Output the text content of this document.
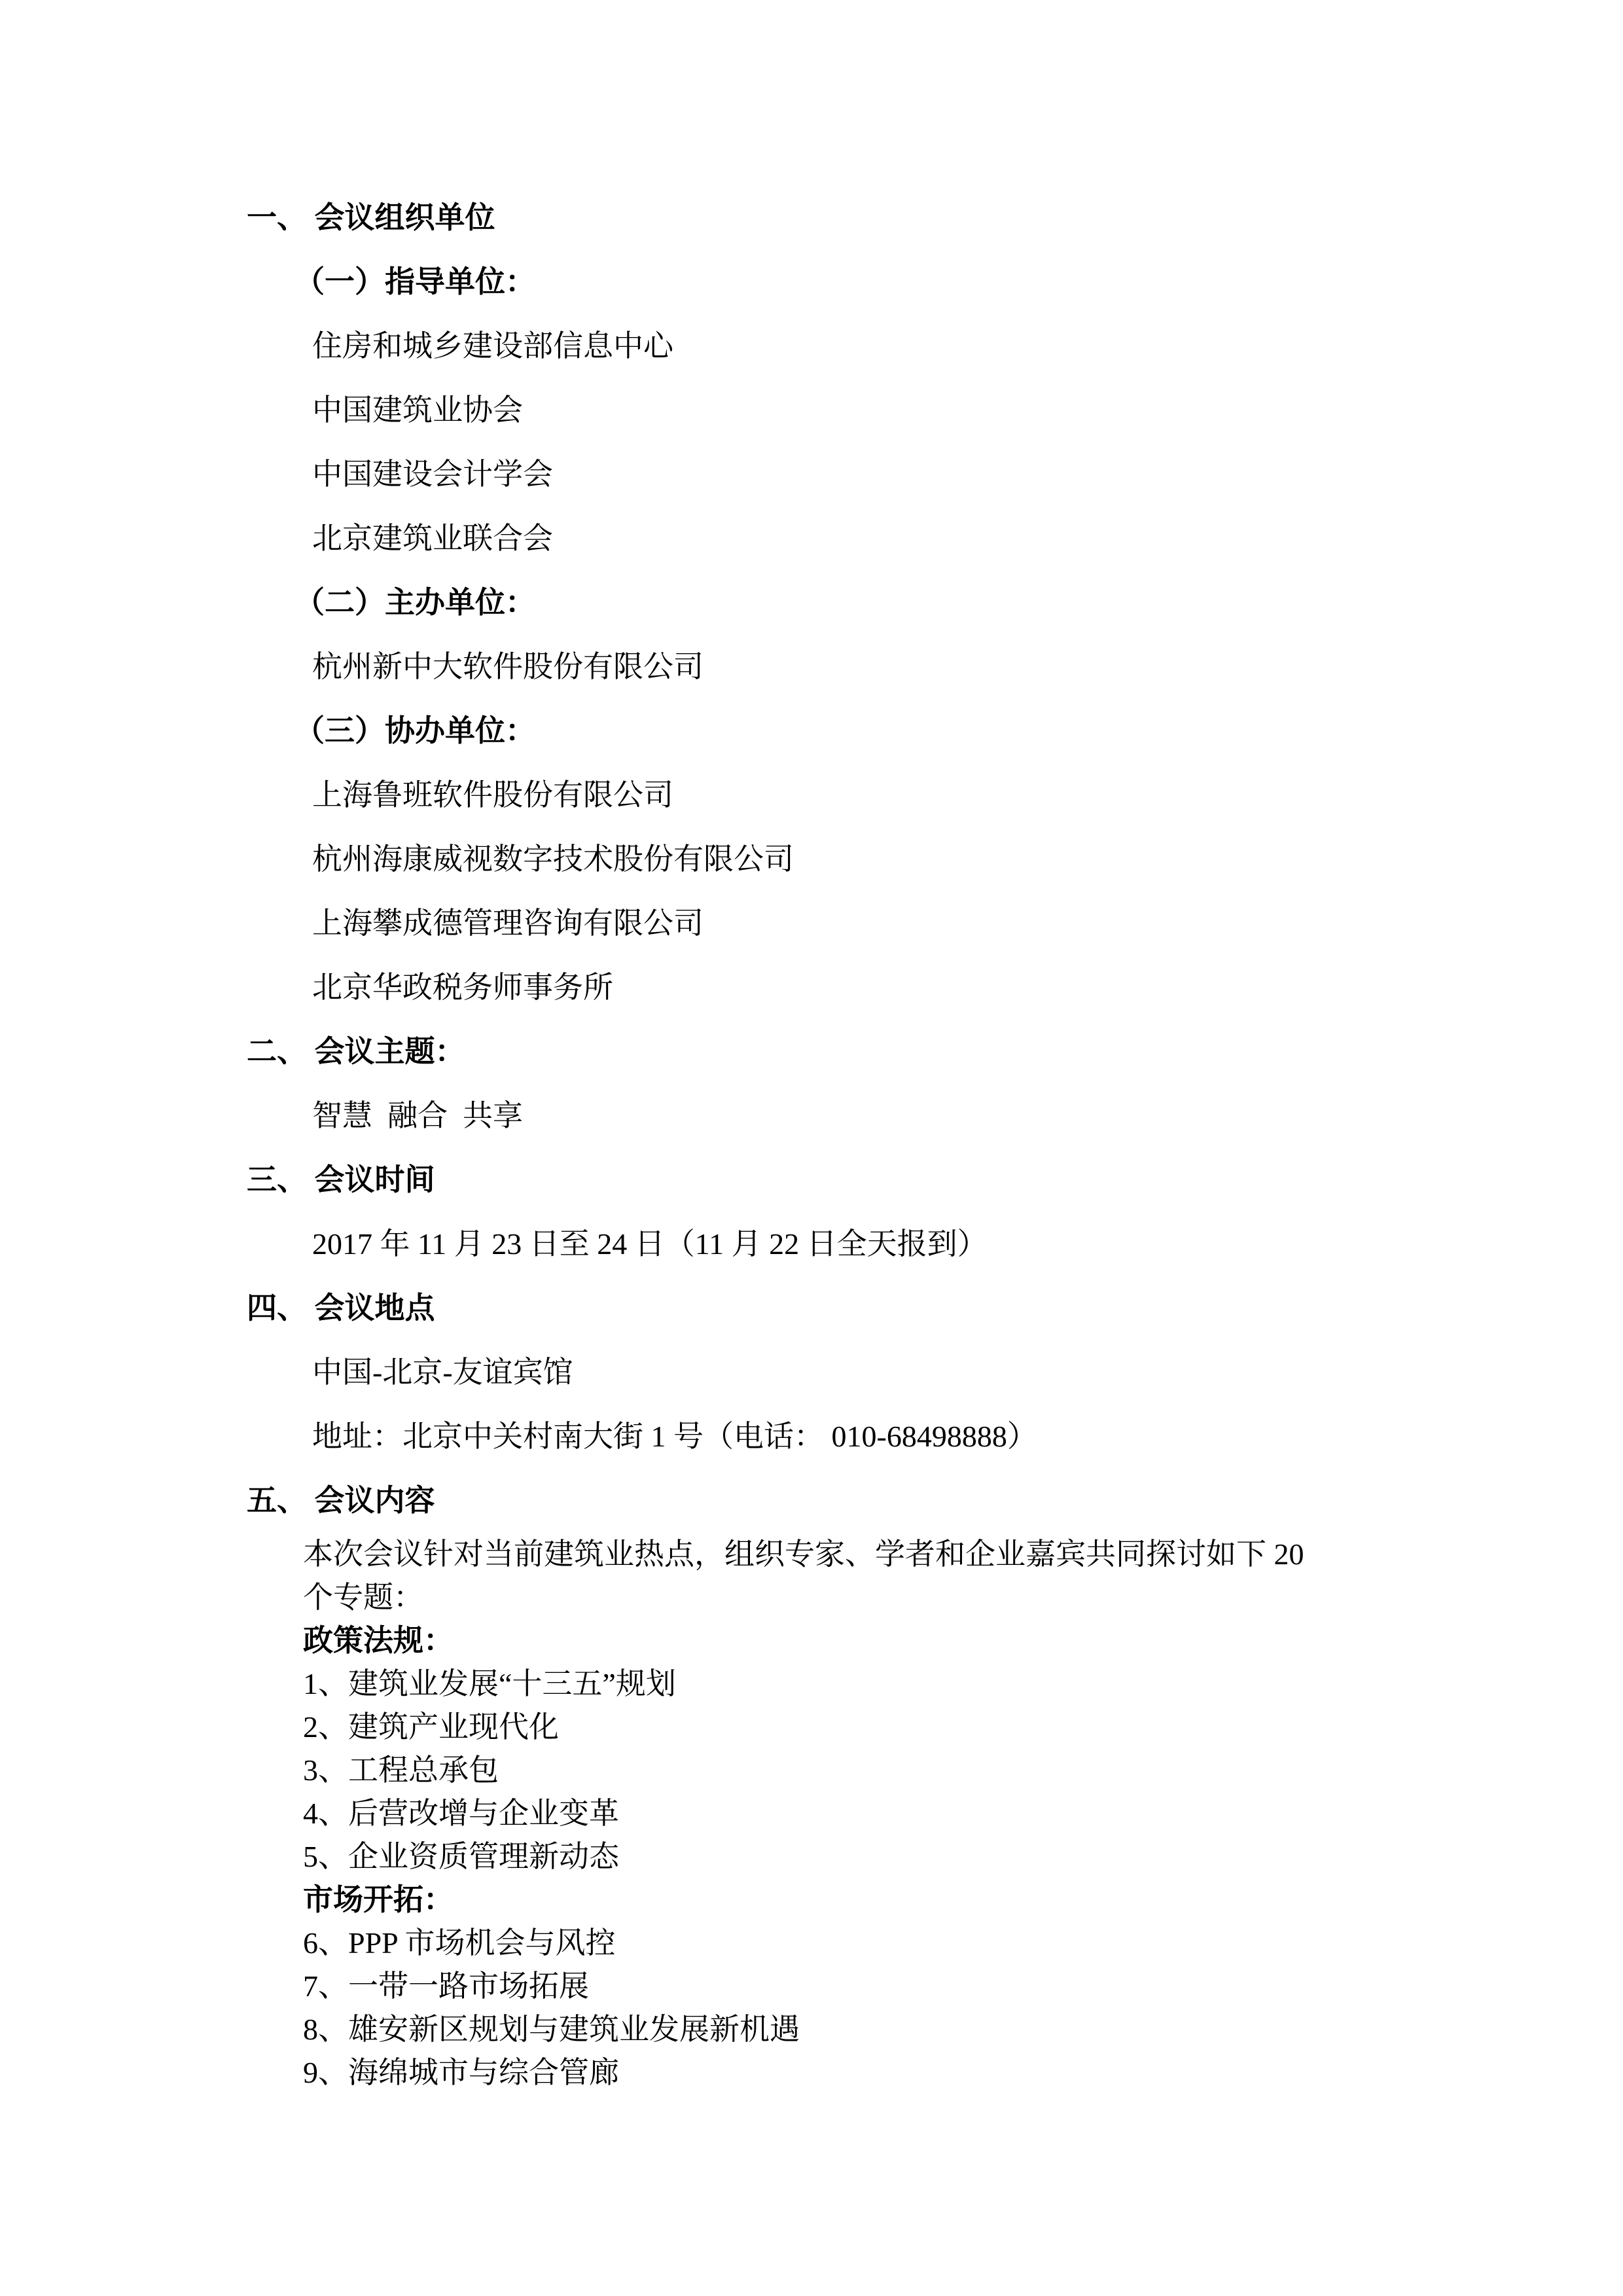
一、 会议组织单位
（一）指导单位：
住房和城乡建设部信息中心
中国建筑业协会
中国建设会计学会
北京建筑业联合会
（二）主办单位：
杭州新中大软件股份有限公司
（三）协办单位：
上海鲁班软件股份有限公司
杭州海康威视数字技术股份有限公司
上海攀成德管理咨询有限公司
北京华政税务师事务所
二、 会议主题：
智慧  融合  共享
三、 会议时间
2017 年 11 月 23 日至 24 日（11 月 22 日全天报到）
四、 会议地点
中国-北京-友谊宾馆
地址：北京中关村南大街 1 号（电话： 010-68498888）
五、 会议内容
本次会议针对当前建筑业热点，组织专家、学者和企业嘉宾共同探讨如下 20
个专题：
政策法规：
1、建筑业发展“十三五”规划
2、建筑产业现代化
3、工程总承包
4、后营改增与企业变革
5、企业资质管理新动态
市场开拓：
6、PPP 市场机会与风控
7、一带一路市场拓展
8、雄安新区规划与建筑业发展新机遇
9、海绵城市与综合管廊
